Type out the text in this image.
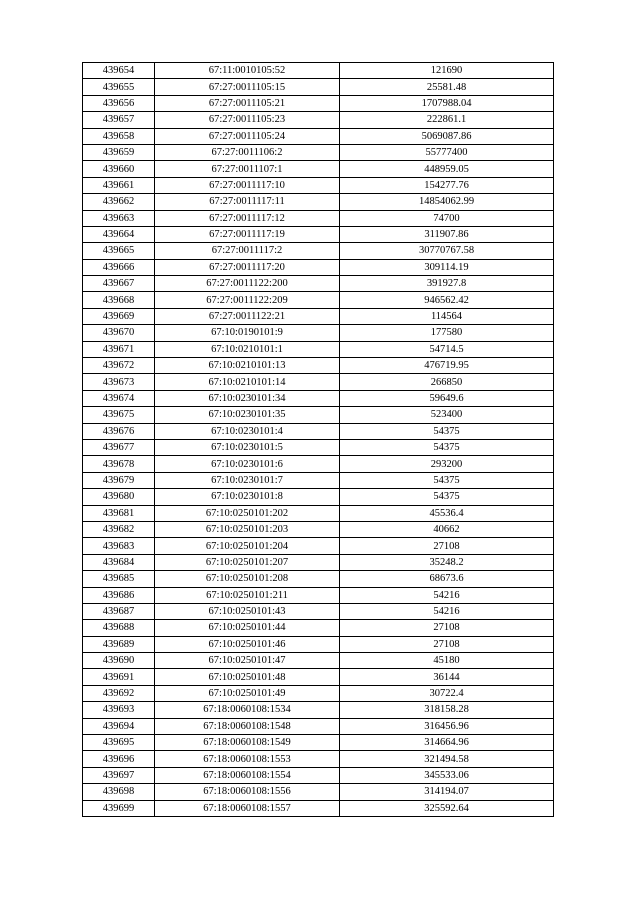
439654	67:11:0010105:52	121690
439655	67:27:0011105:15	25581.48
439656	67:27:0011105:21	1707988.04
439657	67:27:0011105:23	222861.1
439658	67:27:0011105:24	5069087.86
439659	67:27:0011106:2	55777400
439660	67:27:0011107:1	448959.05
439661	67:27:0011117:10	154277.76
439662	67:27:0011117:11	14854062.99
439663	67:27:0011117:12	74700
439664	67:27:0011117:19	311907.86
439665	67:27:0011117:2	30770767.58
439666	67:27:0011117:20	309114.19
439667	67:27:0011122:200	391927.8
439668	67:27:0011122:209	946562.42
439669	67:27:0011122:21	114564
439670	67:10:0190101:9	177580
439671	67:10:0210101:1	54714.5
439672	67:10:0210101:13	476719.95
439673	67:10:0210101:14	266850
439674	67:10:0230101:34	59649.6
439675	67:10:0230101:35	523400
439676	67:10:0230101:4	54375
439677	67:10:0230101:5	54375
439678	67:10:0230101:6	293200
439679	67:10:0230101:7	54375
439680	67:10:0230101:8	54375
439681	67:10:0250101:202	45536.4
439682	67:10:0250101:203	40662
439683	67:10:0250101:204	27108
439684	67:10:0250101:207	35248.2
439685	67:10:0250101:208	68673.6
439686	67:10:0250101:211	54216
439687	67:10:0250101:43	54216
439688	67:10:0250101:44	27108
439689	67:10:0250101:46	27108
439690	67:10:0250101:47	45180
439691	67:10:0250101:48	36144
439692	67:10:0250101:49	30722.4
439693	67:18:0060108:1534	318158.28
439694	67:18:0060108:1548	316456.96
439695	67:18:0060108:1549	314664.96
439696	67:18:0060108:1553	321494.58
439697	67:18:0060108:1554	345533.06
439698	67:18:0060108:1556	314194.07
439699	67:18:0060108:1557	325592.64
